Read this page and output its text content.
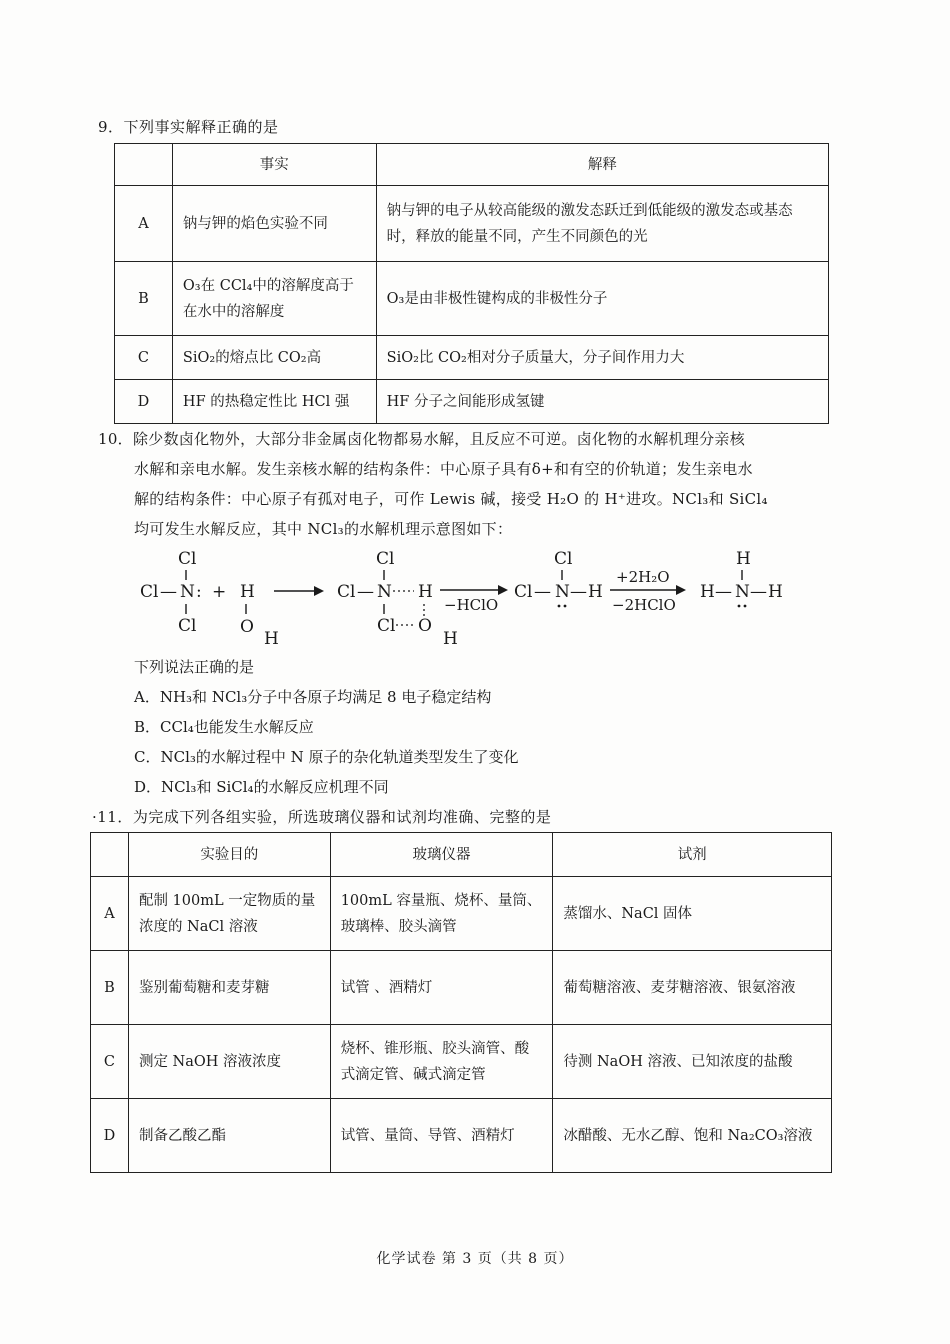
9．下列事实解释正确的是
	事实	解释
A	钠与钾的焰色实验不同	钠与钾的电子从较高能级的激发态跃迁到低能级的激发态或基态时，释放的能量不同，产生不同颜色的光
B	O₃在 CCl₄中的溶解度高于在水中的溶解度	O₃是由非极性键构成的非极性分子
C	SiO₂的熔点比 CO₂高	SiO₂比 CO₂相对分子质量大，分子间作用力大
D	HF 的热稳定性比 HCl 强	HF 分子之间能形成氢键
10．除少数卤化物外，大部分非金属卤化物都易水解，且反应不可逆。卤化物的水解机理分亲核
水解和亲电水解。发生亲核水解的结构条件：中心原子具有δ+和有空的价轨道；发生亲电水
解的结构条件：中心原子有孤对电子，可作 Lewis 碱，接受 H₂O 的 H⁺进攻。NCl₃和 SiCl₄
均可发生水解反应，其中 NCl₃的水解机理示意图如下：
Cl
Cl — N :
Cl
+ H
O
H
Cl
Cl — N H
Cl O
H
−HClO
Cl
Cl — N — H
+2H₂O
−2HClO
H
H — N — H
下列说法正确的是
A．NH₃和 NCl₃分子中各原子均满足 8 电子稳定结构
B．CCl₄也能发生水解反应
C．NCl₃的水解过程中 N 原子的杂化轨道类型发生了变化
D．NCl₃和 SiCl₄的水解反应机理不同
·11．为完成下列各组实验，所选玻璃仪器和试剂均准确、完整的是
	实验目的	玻璃仪器	试剂
A	配制 100mL 一定物质的量浓度的 NaCl 溶液	100mL 容量瓶、烧杯、量筒、玻璃棒、胶头滴管	蒸馏水、NaCl 固体
B	鉴别葡萄糖和麦芽糖	试管 、酒精灯	葡萄糖溶液、麦芽糖溶液、银氨溶液
C	测定 NaOH 溶液浓度	烧杯、锥形瓶、胶头滴管、酸式滴定管、碱式滴定管	待测 NaOH 溶液、已知浓度的盐酸
D	制备乙酸乙酯	试管、量筒、导管、酒精灯	冰醋酸、无水乙醇、饱和 Na₂CO₃溶液
化学试卷 第 3 页（共 8 页）
